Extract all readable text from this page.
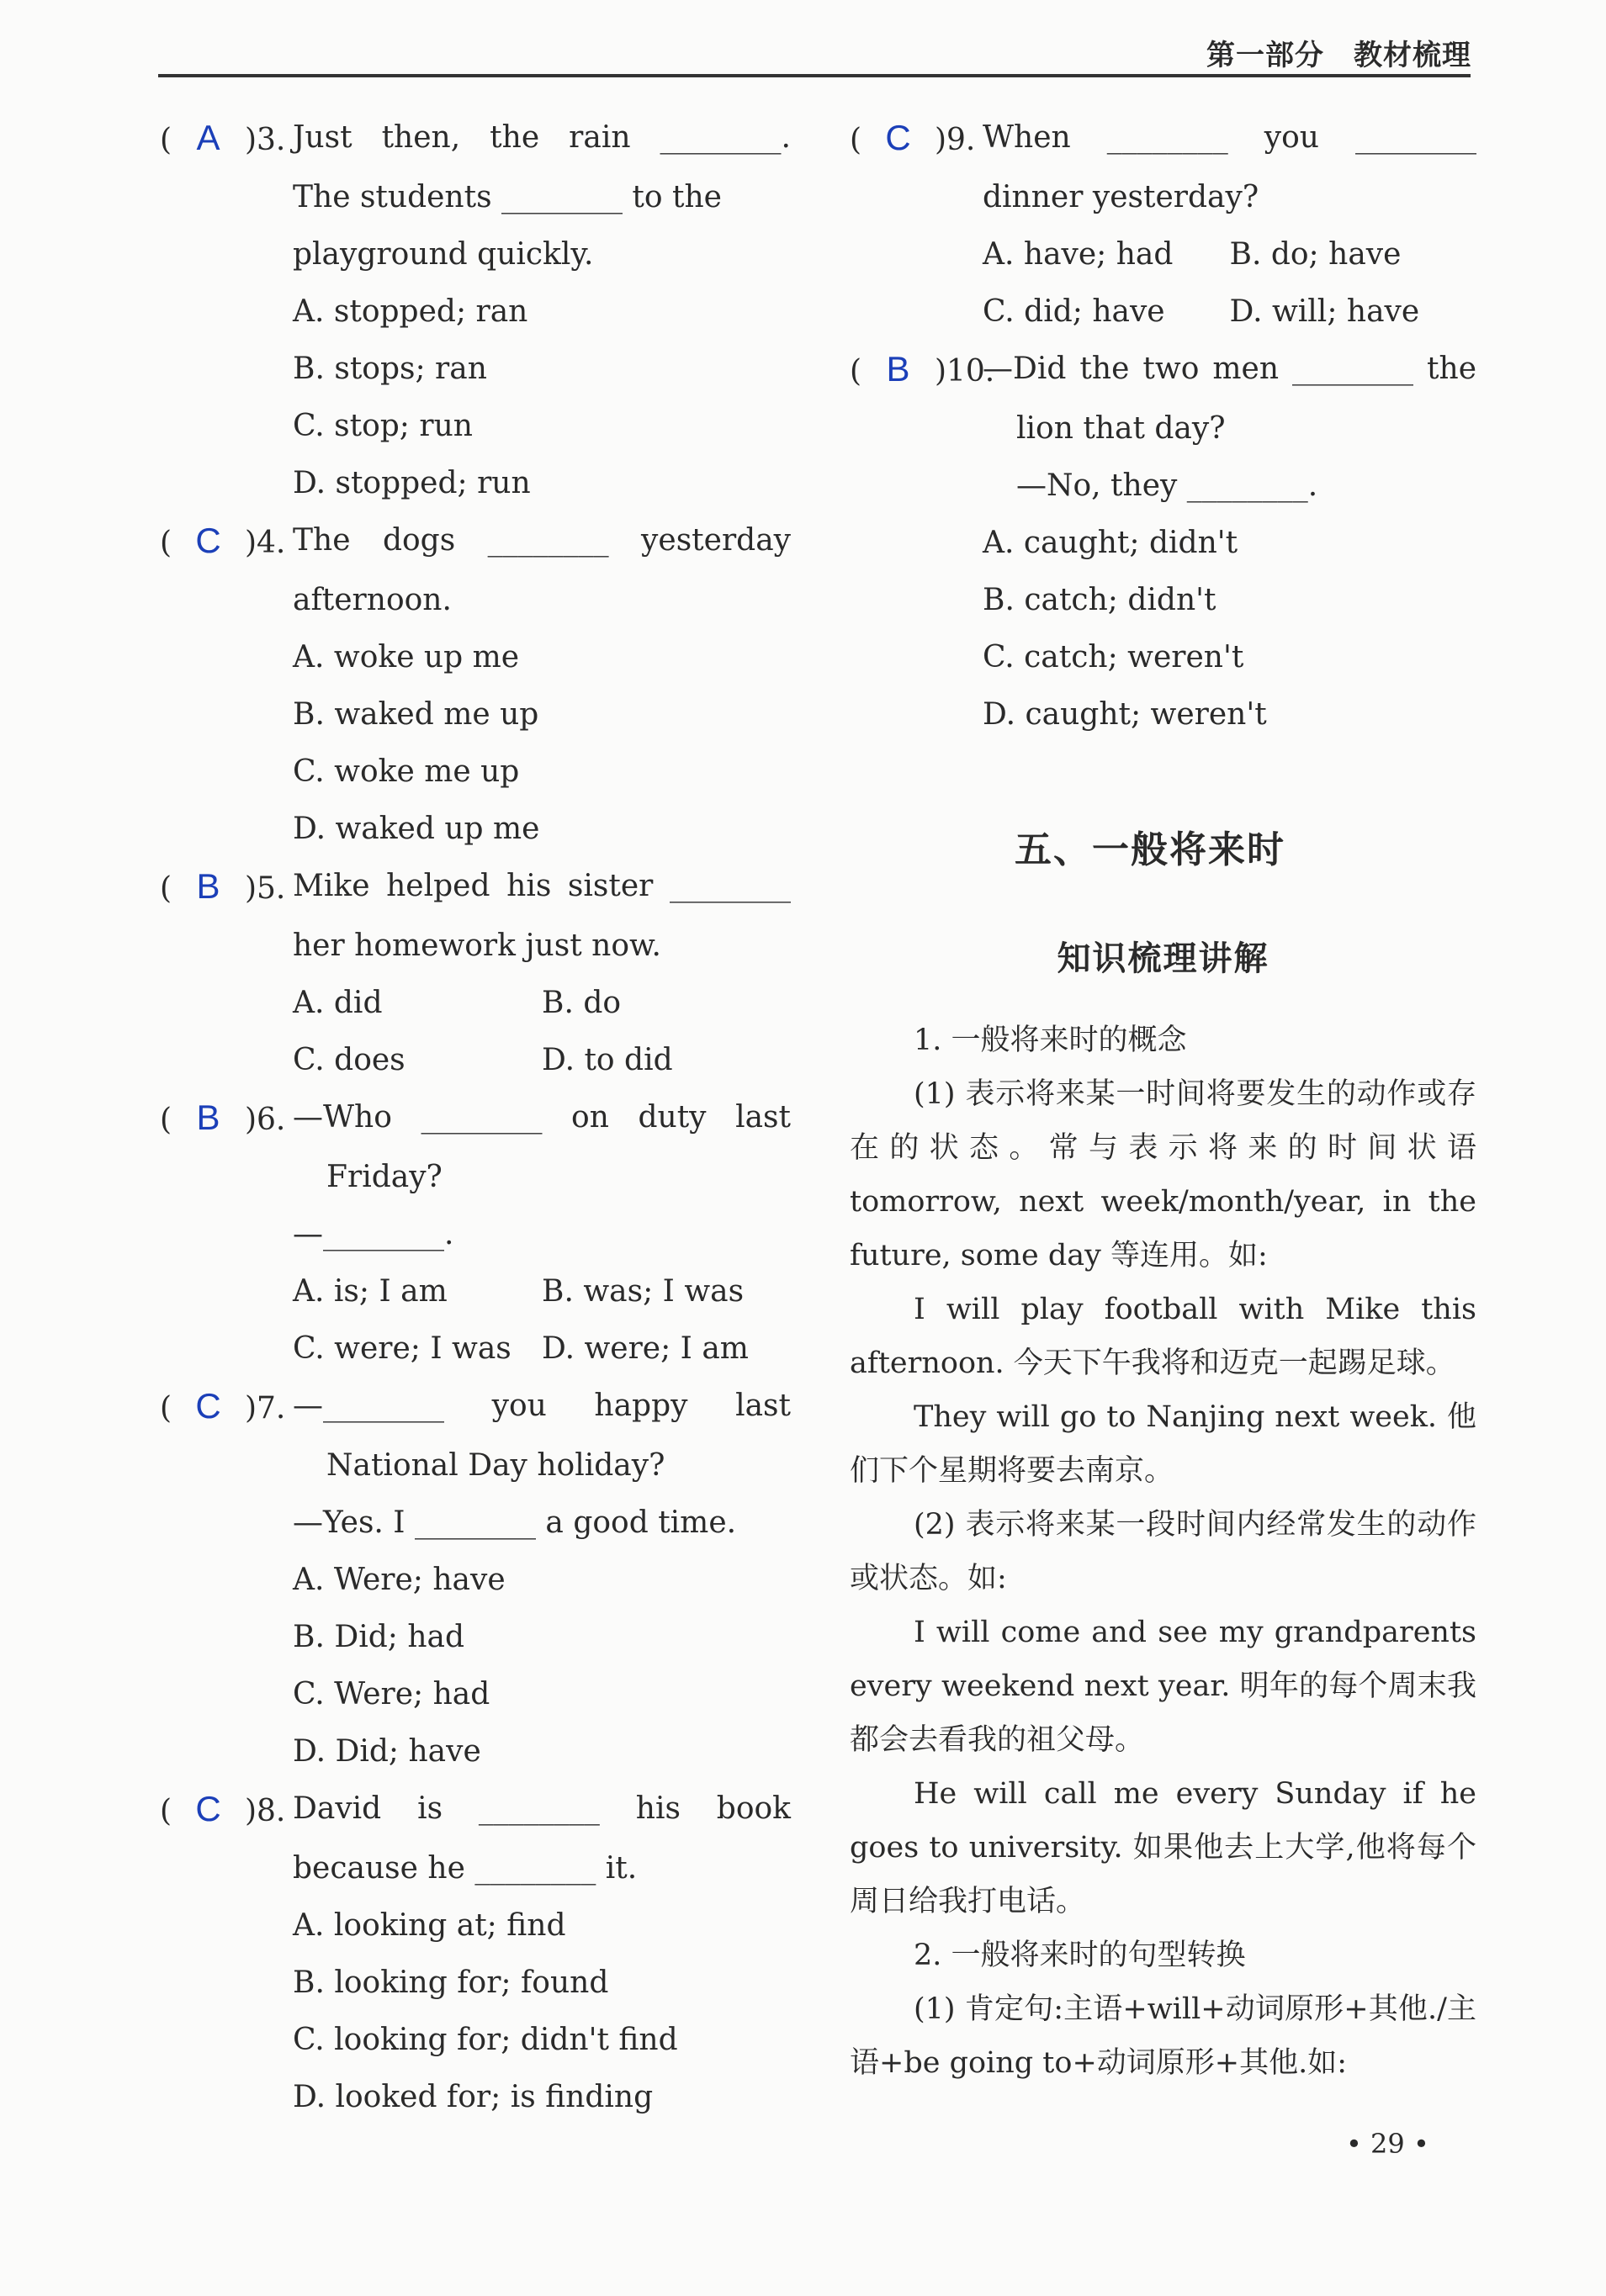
第一部分　教材梳理
( A )3. Just then, the rain ________.
The students ________ to the
playground quickly.
A. stopped; ran
B. stops; ran
C. stop; run
D. stopped; run
( C )4. The dogs ________ yesterday
afternoon.
A. woke up me
B. waked me up
C. woke me up
D. waked up me
( B )5. Mike helped his sister ________
her homework just now.
A. did	B. do
C. does	D. to did
( B )6. —Who ________ on duty last
Friday?
—________.
A. is; I am	B. was; I was
C. were; I was	D. were; I am
( C )7. —________ you happy last
National Day holiday?
—Yes. I ________ a good time.
A. Were; have
B. Did; had
C. Were; had
D. Did; have
( C )8. David is ________ his book
because he ________ it.
A. looking at; find
B. looking for; found
C. looking for; didn't find
D. looked for; is finding
( C )9. When ________ you ________
dinner yesterday?
A. have; had	B. do; have
C. did; have	D. will; have
( B )10.
—Did the two men ________ the
lion that day?
—No, they ________.
A. caught; didn't
B. catch; didn't
C. catch; weren't
D. caught; weren't
五、一般将来时
知识梳理讲解
1. 一般将来时的概念
(1) 表示将来某一时间将要发生的动作或存在的状态。常与表示将来的时间状语 tomorrow, next week/month/year, in the future, some day 等连用。如:
I will play football with Mike this afternoon. 今天下午我将和迈克一起踢足球。
They will go to Nanjing next week. 他们下个星期将要去南京。
(2) 表示将来某一段时间内经常发生的动作或状态。如:
I will come and see my grandparents every weekend next year. 明年的每个周末我都会去看我的祖父母。
He will call me every Sunday if he goes to university. 如果他去上大学,他将每个周日给我打电话。
2. 一般将来时的句型转换
(1) 肯定句:主语+will+动词原形+其他./主语+be going to+动词原形+其他.如:
• 29 •
